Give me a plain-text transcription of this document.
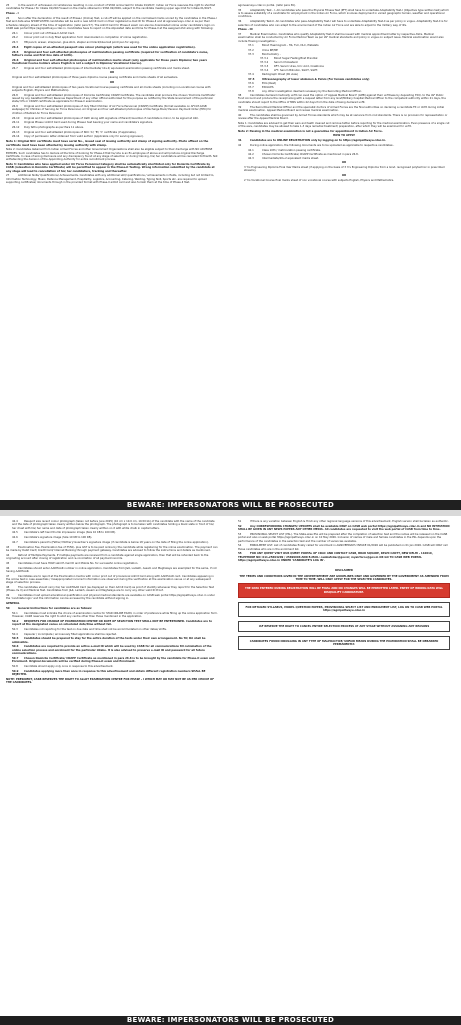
25	In the event of unforeseen circumstances resulting in non-conduct of STAR online test for Intake 01/2027, Indian Air Force reserves the right to shortlist candidates for Phase-I for Intake 01/2027 based on the marks obtained in STAR 02/2026, subject to the candidate meeting upper age limit for Intake 01/2027.
Phase - I
26	Soon after the declaration of the result of Phase-I (Online) Test, a cut-off will be applied on the normalised marks scored by the candidates in the Phase-I Test and data wise SHORTLISTED candidates will be sent a new Admit Card on their registered e-mail ID for Phase-II and at agniveervayu.cdac.in as per their schedule category ahead of the time of registration (refer para 57). The Admit Card for Phase-II exam can also be downloaded online under candidate's login on CASB web portal https://agnipathvayu.cdac.in. Candidates have to report on the stipulated date and time for Phase-II at the assigned ASC along with following:
26.1 Colour print out of Phase-II Admit Card.
26.2 Colour print out in duly filled application form downloaded on completion of online registration.
26.3 HB pencil, eraser, sharpener, glue stick, stapler and black/blue ball point pen for signing.
26.4 Eight copies of un-attested passport size colour photograph (which was used for the online application registration).
26.5 Original and four self-attested photocopies of matriculation passing certificate (required for verification of candidate's name, father's name and first line date of birth).
26.6 Original and four self-attested photocopies of matriculation marks sheet (only applicable for those years Diploma/ two years Vocational Course holders where English is not a subject in Diploma/ Vocational Course).
26.7 Original and four self-attested photocopies of Intermediate/ 10+2/ equivalent examination passing certificate and marks sheet.
OR
Original and four self-attested photocopies of three years diploma course passing certificate and marks sheets of all semesters.
OR
Original and four self-attested photocopies of two years Vocational Course passing certificate and all marks sheets (including non-vocational course with subjects English, Physics and Mathematics).
26.8 Original and four self-attested photocopies of Domicile Certificate/ CDAPP Certificate. The candidate shall produce the chosen 'Domicile Certificate' issued by any Gazetted Officer/ Revenue Department of any other official authorized for the purpose as notified by the State Government of the particular state/ UTs or CDAPP certificate as applicable for Phase-II examination.
26.9 Original and four self-attested photocopies of duly filled Children of Air Force Personnel (CDAPP) Certificate (format available on AFCAT-CASB webpage) for Children of Serving Air Force Personnel, Air Original and four self-attested photocopies of Discharge Book/ Pension Payment Order (PPO) for children of Retired Air Force Personnel.
26.10 Original and four self-attested photocopies of Oath along with signature of Parent/ Guardian if candidate is minor, to be signed at ASC.
26.11 Original Phase-I Admit Card used during Phase-I test bearing your name and candidate's signature.
26.12 Duly fethu photographs as per Para 11 above.
26.13 Original and four self-attested photocopies of NCC 'A'/ 'B'/ 'C' certificate (if applicable).
26.14 Copy of permission letter obtained from valid authori (Applicable only for serving Agniveer).
Note 1: Original NCC certificate must have serial No., issued seal of issuing authority and stamp of signing authority. Photo affixed on the certificate must have been attested by issuing authority with stamp.
Note 2: Candidates debarred from Indian Armed Forces and other Government Organisations shall also be eligible subject to their discharge with NO ADVERSE ENTRIES. Such candidates has to declare at the time of booking for Phase-II that he/ she is an Ex-employee of above and will produce original Discharge Certificate. In case of wrong disclosure and any discrepancy found at any stage of selection or during training, his/ her candidature will be cancelled forthwith. Not withstanding the decision of the Appointing Authority for entire recruitment process.
Note 3: Candidates who have applied under Air Force Personnel Category shall be automatically shortlisted only for Domicile Certificate by CASB (relaxation in Domicile Certificate) will be permitted to appear in the Phase-II Testing. Wrong information submitted by the candidate at any stage will lead to cancellation of his/ her candidature, tracking and thereafter.
27	Additional Skills/ Qualifications/ Achievements. Candidates with any additional skill/ qualifications / achievements in fields, including but not limited to, Information Technology, Music, Defence Management, Hospitality, Logistics, Accounting, Catering, Welding, Typing Skill, Sports etc. are required to upload supporting certificates/ documents through in the provided format with Phase-II admit card and also furnish them at the time of Phase-II Test.
agniveervayu.cdac.in portal. (refer para 36).
35	Adaptability Test - I. All candidates who pass the Physical Fitness Test (PFT) shall have to undertake Adaptability Test-I (Objective type written test) which is to assess suitability of a candidate for employment in the Indian Air Force, which involves deployment in varied geographic terrain, weather and operational conditions.
36	Adaptability Test-II. All candidates who pass Adaptability Test-I will have to undertake Adaptability Test-II as per policy in vogue. Adaptability Test-II is for selection of candidates who can adapt to the environment of the Indian Air Force and are able to adjust to the military way of life.
Phase - III
37	Medical Examination. Candidates who qualify Adaptability Test-II shall be issued with medical appointment letter by respective ASCs. Medical examination shall be conducted by Air Force Medical Team as per IAF medical standards and policy in vogue on subject issue. Medical examination would also include flowing investigation:-
37.1	Blood Haemogram - Hb, TLC, DLC, Platelets
37.2	Urine RE/ME
37.3	Biochemistry -
37.3.1 Blood Sugar Fasting/Post Prandial
37.3.2 Serum Cholesterol
37.3.3 RFT- Serum Urea, Uric Acid, Creatinine
37.3.4 LFT- Serum Bilirubin, SGOT, SGPT.
37.4	Radiograph Chest (PA view)
37.5	Ultrasonography of lower abdomen & Pelvis (For female candidates only)
37.6	ECG (Rest)
37.7	EXCLUPS
37.8	Any other investigation deemed necessary by the Recruiting Medical Officer.
38	Candidates declared medically unfit can avail the option of 'Appeal Medical Board' (AMB) against their unfitness by depositing ₹50/- to the IAF Public Fund Account and produce the receipt along with a request letter from any Govt/Military hospital Medical Officer to the competent authority within 21 days, the candidate should report to the Office of MNS within 42 days from the date of being declared unfit.
39	The Recruitment Medical Officer and the specialist doctors of Armed Forces are the final authorities on declaring a candidate FIt or Unfit during initial medical examination. Appeal Medical Board and review medical examination.
40	The candidates shall be governed by Armed Forces standards which may be at variance from civil standards. There is no provision for representation or review after the Appeal Medical Board.
Note 1: Candidates are advised to get their ears and teeth cleaned and remove tattoo before reporting for the medical examination. Even presence of a single cut of the ears, candidates may be allowed to take 1-3 days remedial treatment/ preparation, after which they will be examined for unfit.
Note 2: Passing in the medical examination is not a guarantee for appointment in Indian Air Force.
HOW TO APPLY
41	Candidates are to ONLINE REGISTRATION only by logging on to https://agnipathvayu.cdac.in.
42	During online application, the following documents are to be uploaded as applicable to respective candidates:-
42.1	Class 10th / matriculation passing certificate.
42.2	Chosen Domicile Certificate/ CDAPP Certificate as mentioned in para 26.8.
42.3	Intermediate/10+2 equivalent marks sheet.
OR
3 Yrs Engineering Diploma Final Year Marks sheet (if applying on the basis of 3 Yrs Engineering Diploma from a Govt. recognised polytechnic in prescribed streams).
OR
2 Yrs Vocational Course final marks sheet of non vocational course with subjects English, Physics and Mathematics.
BEWARE: IMPERSONATORS WILL BE PROSECUTED
42.4 Passport size recent colour photograph (taken not before June 2025) (10 cm x 10.0 cm, 10-50 kb) of the candidate with the name of the candidate and the date of photograph taken clearly written below the photograph. The photograph is to be taken with candidates holding a black slate in front of his/ her chest with his/ her name and date of photograph taken clearly written on it with white chalk in capital letters.
42.5 Candidate's left hand thumb impression image (Size 10 KB to 100 KB).
42.6 Candidate's signature image (Size 10 KB to 100 KB).
42.7 Candidate's parent's (Father/ Mother)/ Guardian's signature image (if candidate is below 18 years on the date of filling the online application).
43	Examination Fee. Examination fee of ₹550/- plus GST is to be paid online by the candidate while registering for the online examination. The payment can be made by Debit Card/ Credit Card/ Internet Banking through payment gateway. Candidates are advised to follow the instructions and details as mentioned.
44	Refund of Multiple Payments. If multiple payments are received from a candidate against single application, then that will be refunded back to the originating account after closing of registration and re-conciliation of all payment records.
45	Candidates must have HOW valid E-mail ID and Mobile No. for successful online registration.
46	Candidates should enter AADHAAR number in online application. Candidates from J&K, Ladakh, Assam and Meghalaya are exempted for the same, if not having AADHAAR.
47	Candidates are to report at the Examination Centre with colour print out of provisional Admit Card along with AADHAAR card. Candidates appearing in the online test in case essentials / misappropriated incorrect information are observed during the verification at the examination venue or at any subsequent stage of selection process.
48	The candidates should carry his/ her AADHAAR Card (as displayed on their Admit Card) as proof of identity whenever they report for the Selection Test (Phase-I & II) and Medical Test. Candidates from J&K, Ladakh, Assam and Meghalaya are to carry any other valid ID Proof.
49	Candidates must upload educational qualification and physical medical standards are available on CASB web portal https://agnipathvayu.cdac.in under the 'candidate login' and the information can be accessed by the candidate without signing in.
GENERAL
50	General Instructions for candidates are as follows:
50.1 Candidates must indicate the choice of examination centre for STAR ONLINE EXAM, in order of preference while filling up the online application form. However, CASB reserves the right to allot any centre other than those mentioned in the application.
50.2 REQUESTS FOR CHANGE OF EXAMINATION CENTRE OR DATE OF SELECTION TEST SHALL NOT BE ENTERTAINED. Candidates are to report at the designated venue on scheduled date/time without fail.
50.3 Candidates not reporting for the test on due date and time shall not be accommodated on other dates/ shifts.
50.4 Capsular / incomplete / erroneously filled applications shall be rejected.
50.5 Candidates should be prepared to stay for the entire duration of the tests under their own arrangement. No TA/ DA shall be admissible.
50.6 Candidates are required to provide an active e-mail ID which will be used by CASB for all communications till culmination of the online selection process and enrolment for the particular intake. It is also advised to preserve e-mail ID and password for all future communications.
50.7 Chosen Domicile Certificate/ CDAPP Certificate as mentioned in para 26.8 is to be brought by the candidate for Phase-II exam and Enrolment. Original documents will be verified during Phase-II exam and Enrolment.
50.8 Candidate should apply only once in response to this advertisement.
50.9 Candidates applying more than once in response to this advertisement and obtain different registration numbers SHALL BE REJECTED.
NOTE: PRESIDENT, CASB RESERVES THE RIGHT TO ALLOT EXAMINATION CENTRE FOR PHASE - I WHICH MAY OR MAY NOT BE AS PER CHOICE OF THE CANDIDATES.
51	If there is any variation between English & Hindi any other regional language versions of this advertisement, English version shall be taken as authentic.
52	Any CORRESPONDING CHANGES/ UPDATES shall be available ONLY on CASB web portal https://agnipathvayu.cdac.in and NO INTIMATION SHALL BE GIVEN IN ANY NEWS PAPERS ANY OTHER MEDIA. All candidates are requested to visit the web portal of CASB from time to time.
53	PROVISIONAL SELECT LIST (PSL). The State-wise PSL will be prepared after the completion of selection test and the names will be released on the CASB portal and also on web portal https://agnipathvayu.cdac.in on 10 May 2026. Inclusion of names of male and female candidates in the PSL depends upon the performance of the candidates in the selection test and the number of vacancies available.
54	ENROLMENT LIST. List of candidates finally called for enrolment in AGNIVEERVAYU INTAKE 01/2026 will be published on 01 Jan 2026. CASB will ONLY call those candidates who are in the enrolment list.
55	FOR ANY QUERY VISIT OUR QUERY PORTAL OF CDAC AND CONTACT CASB, BRAR SQUARE, DELHI CANTT, NEW DELHI - 110010, TELEPHONE NO: 011-25694209 / 25699606 AND E-MAIL: casbiafcdac@gov.in; myairforce@gov.in OR GO TO CASB WEB PORTAL https://agnipathvayu.cdac.in UNDER 'CANDIDATE'S LOG IN'.
DISCLAIMER
THE TERMS AND CONDITIONS GIVEN IN THE ADVERTISEMENT ARE GUIDELINES ONLY AND GOVERNED BY THE GOVERNMENT AS AMENDED FROM TIME TO TIME. WILL ONLY APPLY FOR THE SELECTED CANDIDATES.
THE DATA ENTERED DURING REGISTRATION WILL BE FINAL AND NO CHANGES WILL BE PERMITTED LATER. ENTRY OF WRONG DATA WILL DISQUALIFY CANDIDATURE.
FOR DETAILED SYLLABUS, MODEL QUESTION PAPERS, PROVISIONAL SELECT LIST AND ENROLMENT LIST, LOG ON TO CASB WEB PORTAL https://agnipathvayu.cdac.in
IAF RESERVE THE RIGHT TO CANCEL ENTIRE SELECTION PROCESS AT ANY STAGE WITHOUT ASSIGNING ANY REASONS
CANDIDATES FOUND INDULGING IN ANY TYPE OF MALPRACTICE/ UNFAIR MEANS DURING THE EXAMINATION SHALL BE DEBARRED PERMANENTLY.
BEWARE: IMPERSONATORS WILL BE PROSECUTED
